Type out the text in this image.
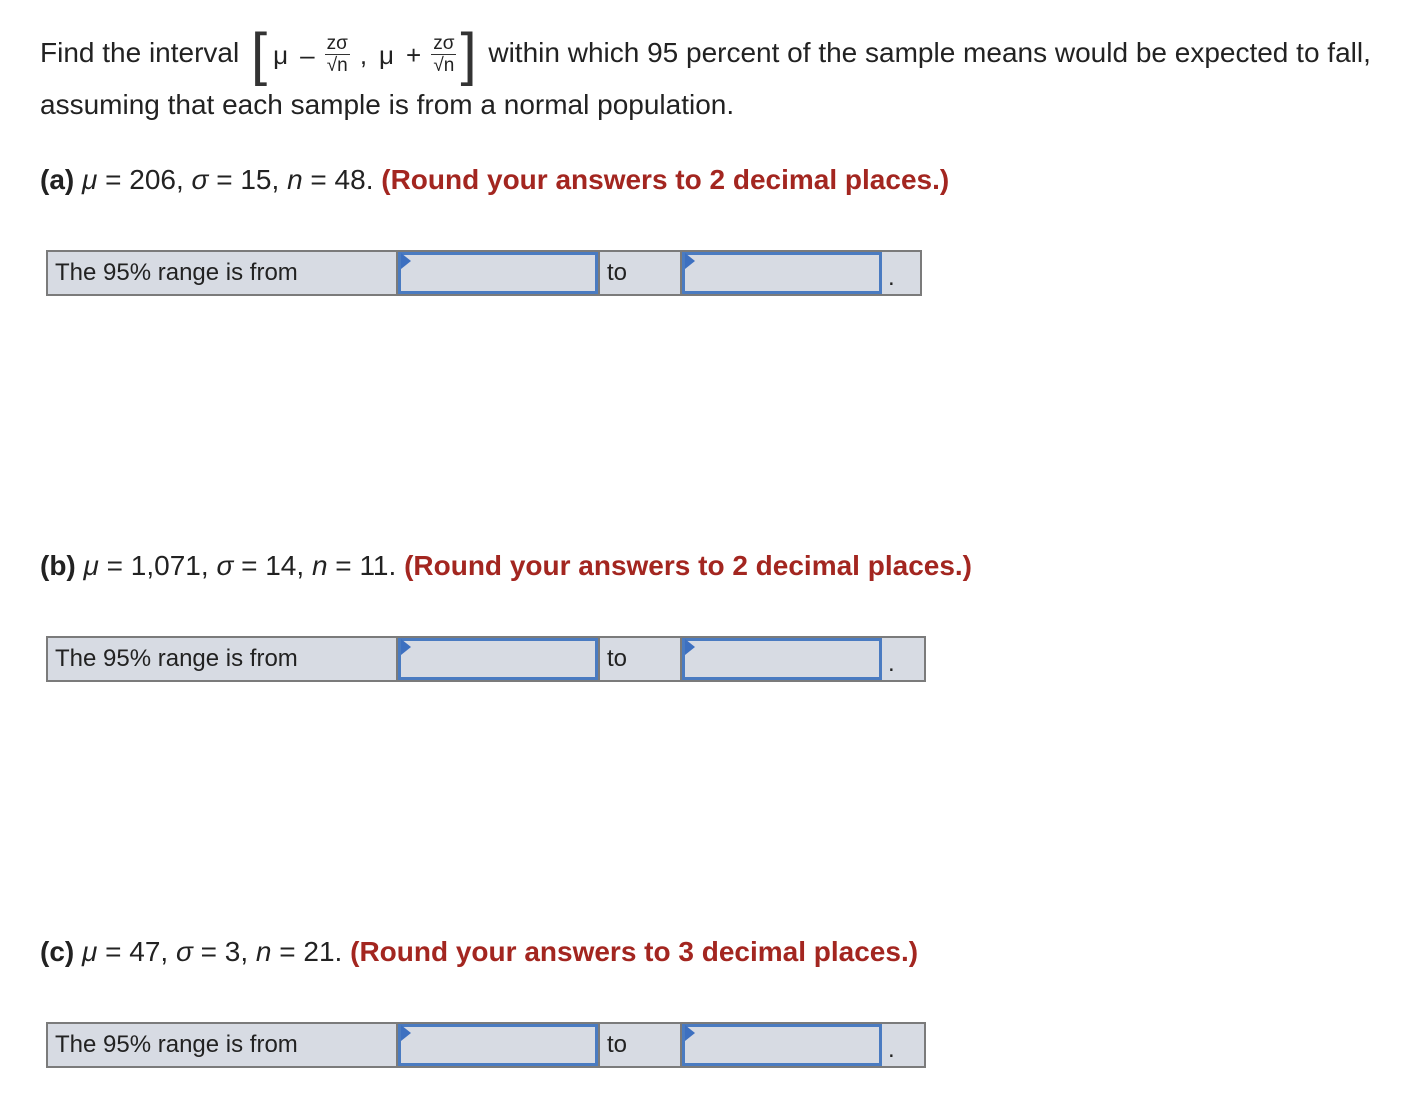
Find the interval [ μ – $\frac{z\sigma}{√n}$ , $\mu + \frac{z\sigma}{√n}$ ] within which 95 percent of the sample means would be expected to fall, assuming that each sample is from a normal population.
(a) μ = 206, σ = 15, n = 48. (Round your answers to 2 decimal places.)
The 95% range is from	to	.
(b) μ = 1,071, σ = 14, n = 11. (Round your answers to 2 decimal places.)
The 95% range is from	to	.
(c) μ = 47, σ = 3, n = 21. (Round your answers to 3 decimal places.)
The 95% range is from	to	.
